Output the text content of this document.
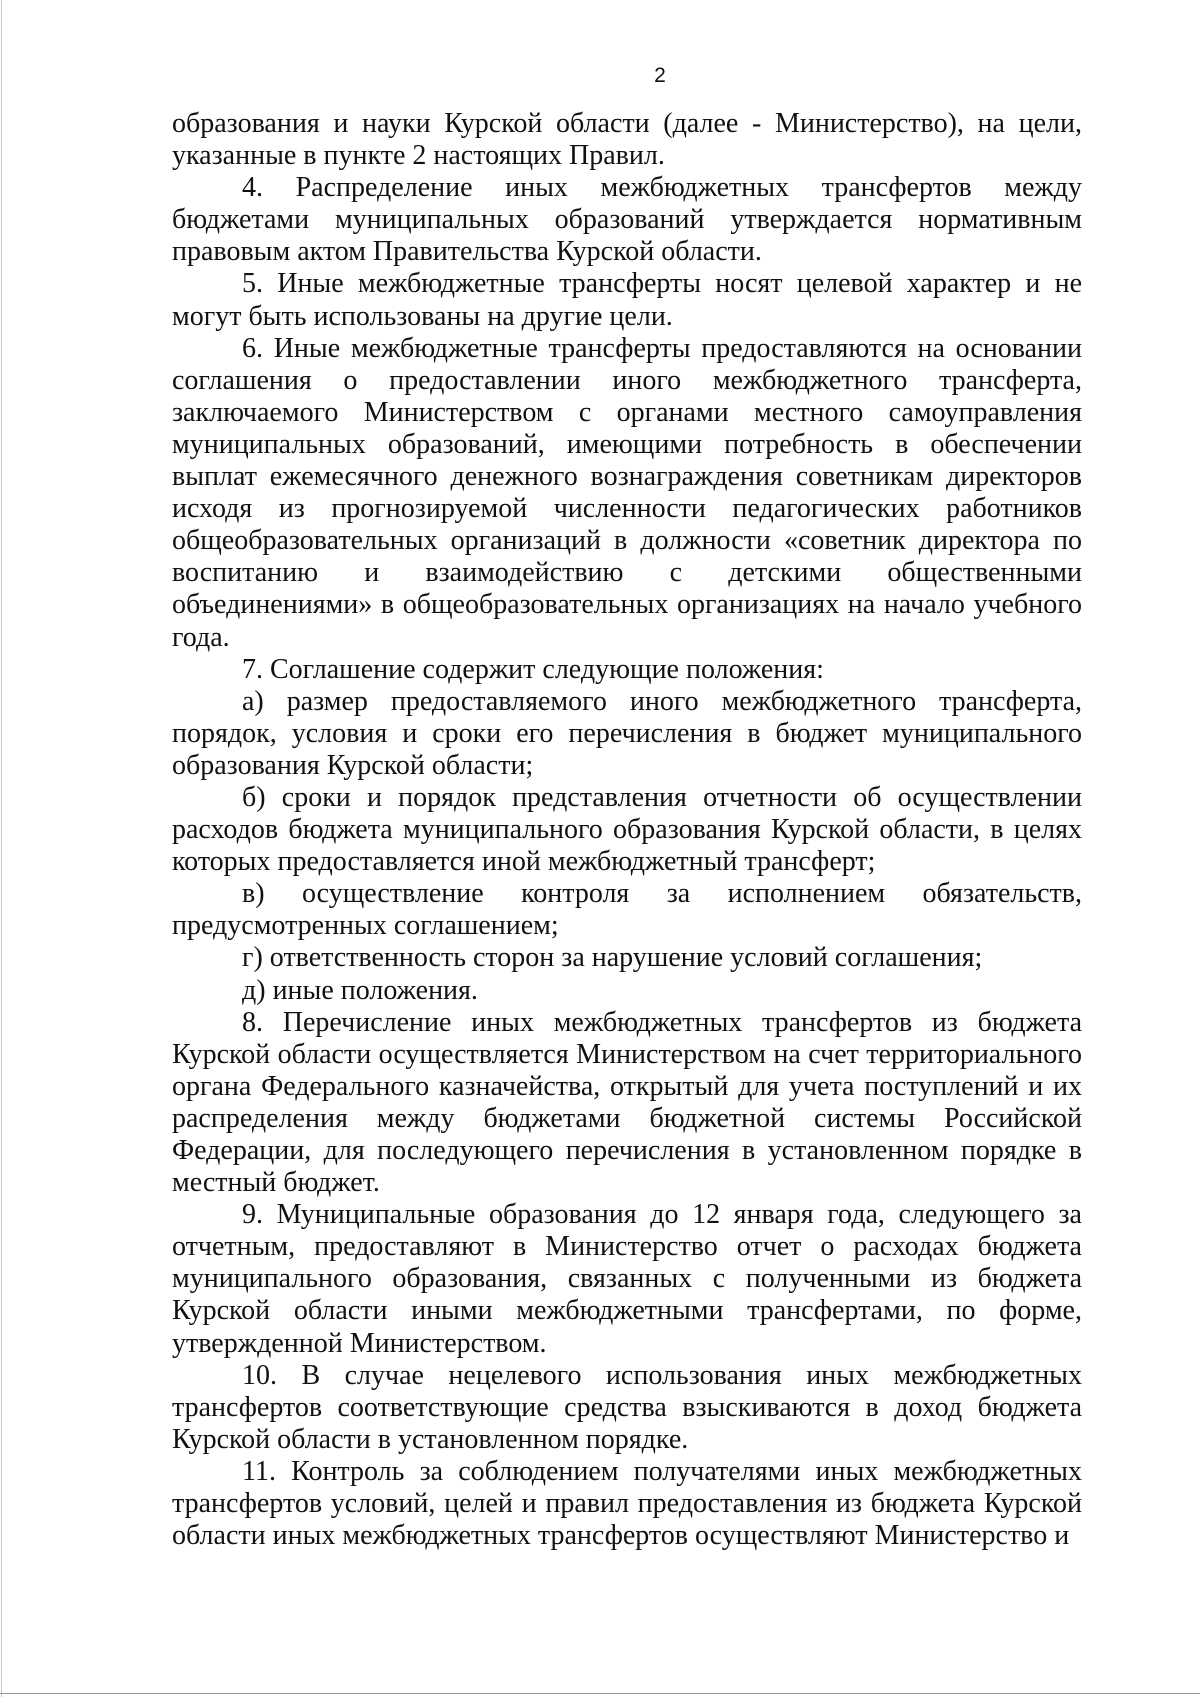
2

образования и науки Курской области (далее - Министерство), на цели, указанные в пункте 2 настоящих Правил.

4. Распределение иных межбюджетных трансфертов между бюджетами муниципальных образований утверждается нормативным правовым актом Правительства Курской области.

5. Иные межбюджетные трансферты носят целевой характер и не могут быть использованы на другие цели.

6. Иные межбюджетные трансферты предоставляются на основании соглашения о предоставлении иного межбюджетного трансферта, заключаемого Министерством с органами местного самоуправления муниципальных образований, имеющими потребность в обеспечении выплат ежемесячного денежного вознаграждения советникам директоров исходя из прогнозируемой численности педагогических работников общеобразовательных организаций в должности «советник директора по воспитанию и взаимодействию с детскими общественными объединениями» в общеобразовательных организациях на начало учебного года.

7. Соглашение содержит следующие положения:

а) размер предоставляемого иного межбюджетного трансферта, порядок, условия и сроки его перечисления в бюджет муниципального образования Курской области;

б) сроки и порядок представления отчетности об осуществлении расходов бюджета муниципального образования Курской области, в целях которых предоставляется иной межбюджетный трансферт;

в) осуществление контроля за исполнением обязательств, предусмотренных соглашением;

г) ответственность сторон за нарушение условий соглашения;

д) иные положения.

8. Перечисление иных межбюджетных трансфертов из бюджета Курской области осуществляется Министерством на счет территориального органа Федерального казначейства, открытый для учета поступлений и их распределения между бюджетами бюджетной системы Российской Федерации, для последующего перечисления в установленном порядке в местный бюджет.

9. Муниципальные образования до 12 января года, следующего за отчетным, предоставляют в Министерство отчет о расходах бюджета муниципального образования, связанных с полученными из бюджета Курской области иными межбюджетными трансфертами, по форме, утвержденной Министерством.

10. В случае нецелевого использования иных межбюджетных трансфертов соответствующие средства взыскиваются в доход бюджета Курской области в установленном порядке.

11. Контроль за соблюдением получателями иных межбюджетных трансфертов условий, целей и правил предоставления из бюджета Курской области иных межбюджетных трансфертов осуществляют Министерство и
